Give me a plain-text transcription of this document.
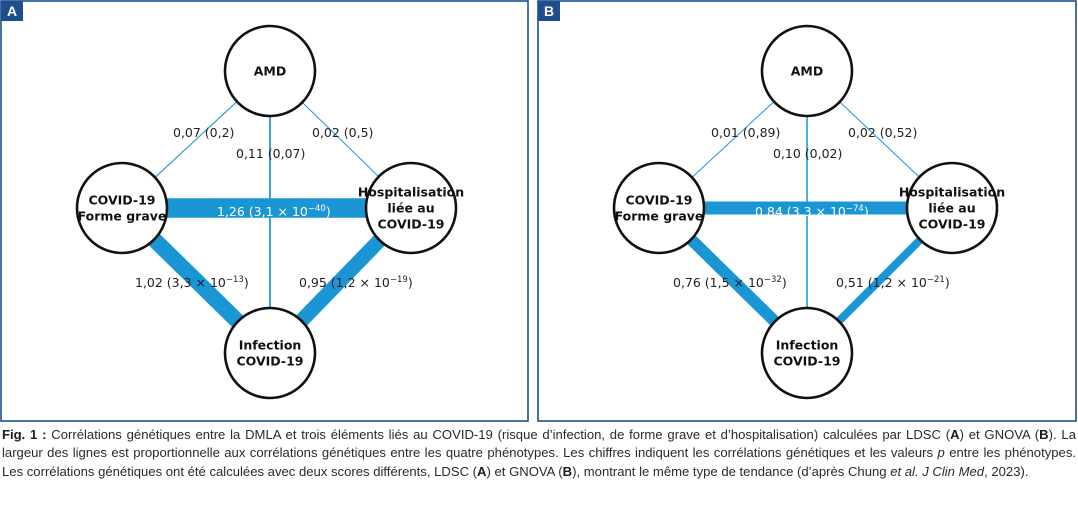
A
AMD
COVID-19
Forme grave
Hospitalisation
liée au
COVID-19
Infection
COVID-19
0,07 (0,2)
0,11 (0,07)
0,02 (0,5)
1,26 $(3,1 \times 10^{-40})$
1,02 $(3,3 \times 10^{-13})$	0,95 $(1,2 \times 10^{-19})$
B
AMD
COVID-19
Forme grave
Hospitalisation
liée au
COVID-19
Infection
COVID-19
0,01 (0,89)
0,10 (0,02)
0,02 (0,52)
0,84 $(3,3 \times 10^{-74})$
0,76 $(1,5 \times 10^{-32})$	0,51 $(1,2 \times 10^{-21})$
Fig. 1 : Corrélations génétiques entre la DMLA et trois éléments liés au COVID-19 (risque d’infection, de forme grave et d’hospitalisation) calculées par LDSC (A) et GNOVA (B). La largeur des lignes est proportionnelle aux corrélations génétiques entre les quatre phénotypes. Les chiffres indiquent les corrélations génétiques et les valeurs p entre les phénotypes. Les corrélations génétiques ont été calculées avec deux scores différents, LDSC (A) et GNOVA (B), montrant le même type de tendance (d’après Chung et al. J Clin Med, 2023).
